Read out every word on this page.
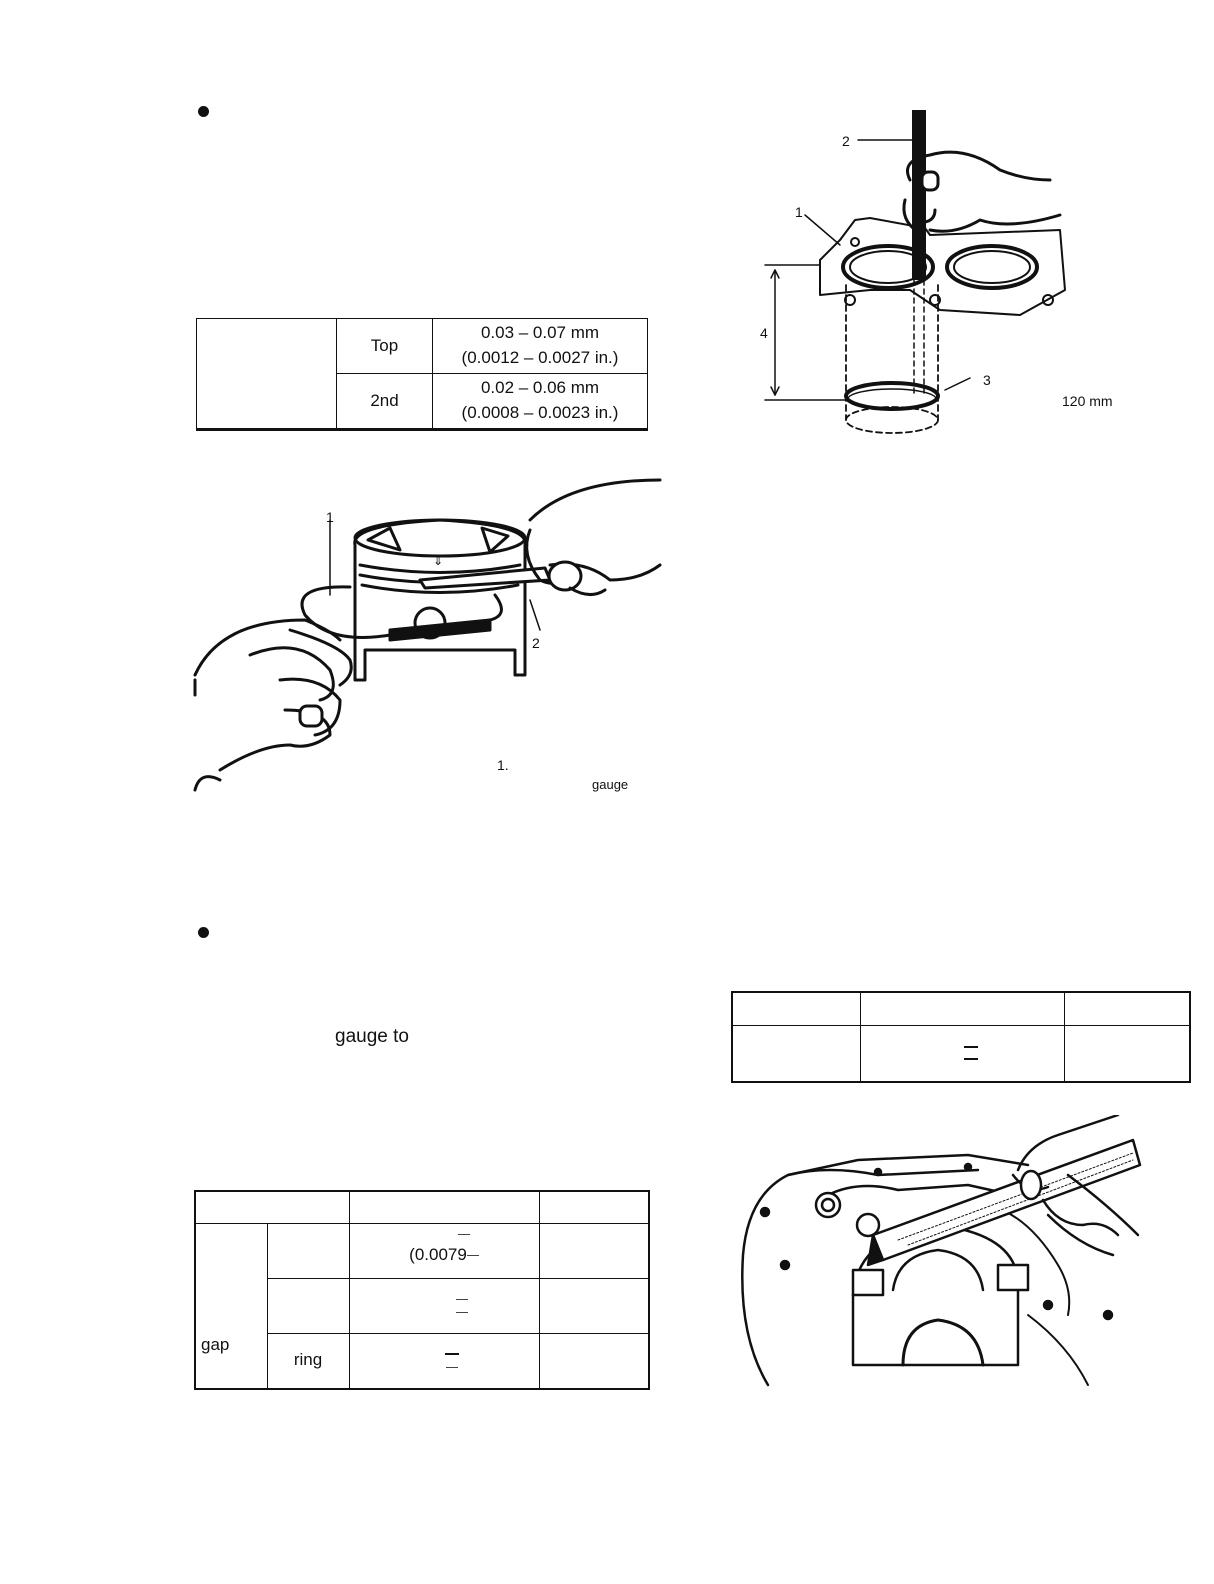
	Top	0.03 – 0.07 mm
(0.0012 – 0.0027 in.)

	2nd	0.02 – 0.06 mm
(0.0008 – 0.0023 in.)
⇓
1
2
1.
gauge
2
1
4
3
120 mm
gauge to

gap		(0.0079	

	ring	
